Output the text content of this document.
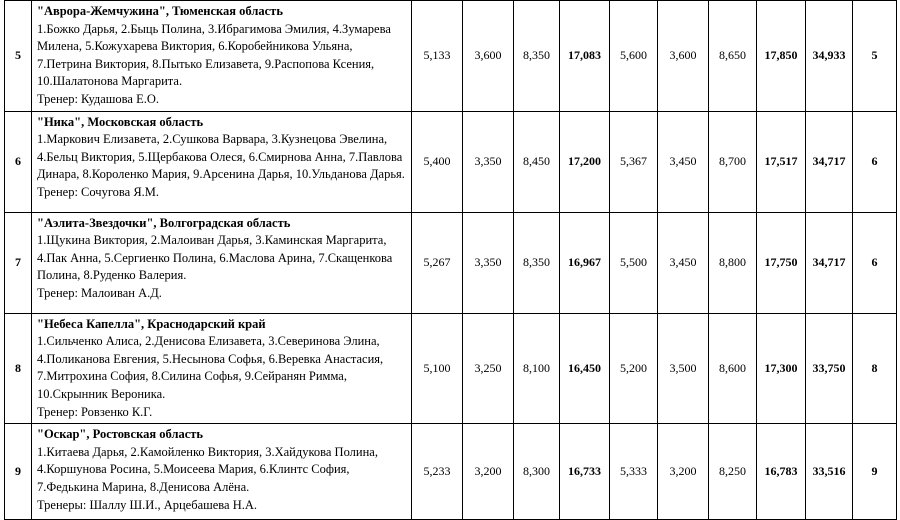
5	"Аврора-Жемчужина", Тюменская область
1.Божко Дарья, 2.Быць Полина, 3.Ибрагимова Эмилия, 4.Зумарева Милена, 5.Кожухарева Виктория, 6.Коробейникова Ульяна, 7.Петрина Виктория, 8.Пытько Елизавета, 9.Распопова Ксения, 10.Шалатонова Маргарита.
Тренер: Кудашова Е.О.	5,133	3,600	8,350	17,083	5,600	3,600	8,650	17,850	34,933	5
6	"Ника", Московская область
1.Маркович Елизавета, 2.Сушкова Варвара, 3.Кузнецова Эвелина, 4.Бельц Виктория, 5.Щербакова Олеся, 6.Смирнова Анна, 7.Павлова Динара, 8.Короленко Мария, 9.Арсенина Дарья, 10.Ульданова Дарья.
Тренер: Сочугова Я.М.	5,400	3,350	8,450	17,200	5,367	3,450	8,700	17,517	34,717	6
7	"Аэлита-Звездочки", Волгоградская область
1.Щукина Виктория, 2.Малоиван Дарья, 3.Каминская Маргарита, 4.Пак Анна, 5.Сергиенко Полина, 6.Маслова Арина, 7.Скащенкова Полина, 8.Руденко Валерия.
Тренер: Малоиван А.Д.	5,267	3,350	8,350	16,967	5,500	3,450	8,800	17,750	34,717	6
8	"Небеса Капелла", Краснодарский край
1.Сильченко Алиса, 2.Денисова Елизавета, 3.Северинова Элина, 4.Поликанова Евгения, 5.Несынова Софья, 6.Веревка Анастасия, 7.Митрохина София, 8.Силина Софья, 9.Сейранян Римма, 10.Скрынник Вероника.
Тренер: Ровзенко К.Г.	5,100	3,250	8,100	16,450	5,200	3,500	8,600	17,300	33,750	8
9	"Оскар", Ростовская область
1.Китаева Дарья, 2.Камойленко Виктория, 3.Хайдукова Полина, 4.Коршунова Росина, 5.Моисеева Мария, 6.Клинтс София, 7.Федькина Марина, 8.Денисова Алёна.
Тренеры: Шаллу Ш.И., Арцебашева Н.А.	5,233	3,200	8,300	16,733	5,333	3,200	8,250	16,783	33,516	9
